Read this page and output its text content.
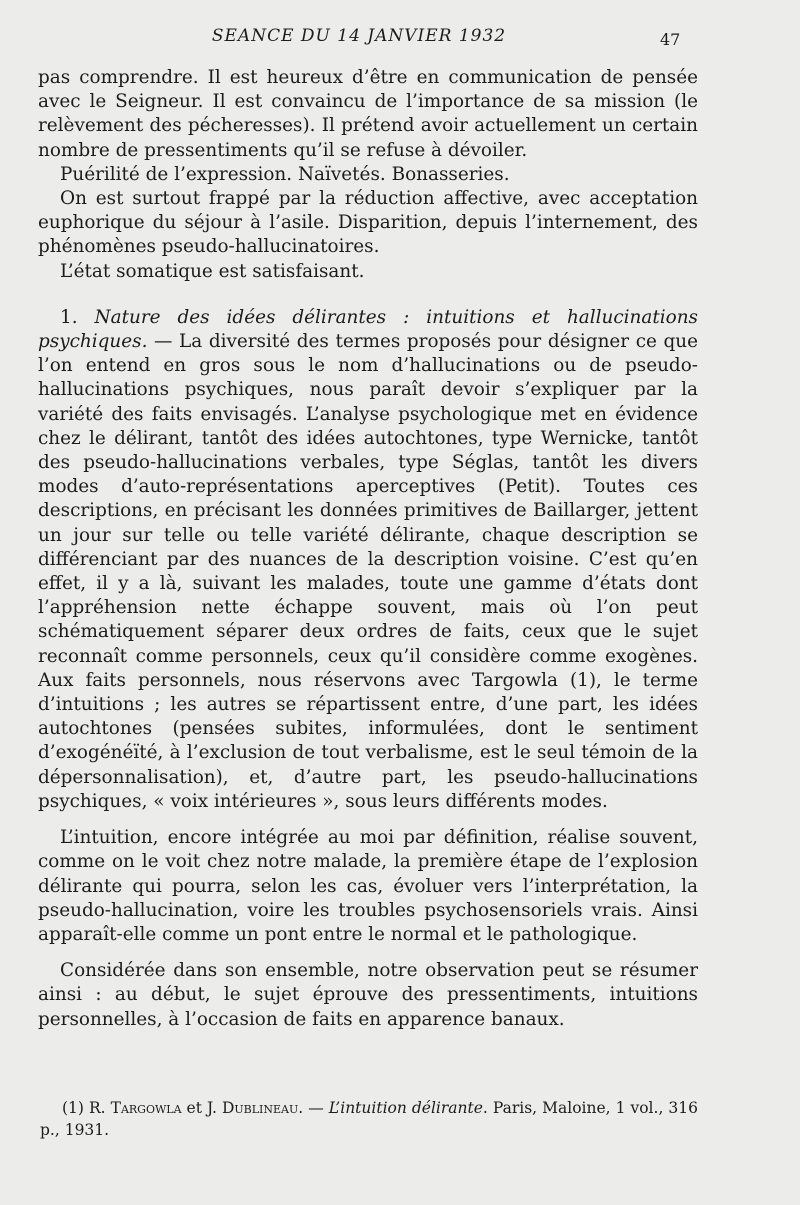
SEANCE DU 14 JANVIER 1932	47

pas comprendre. Il est heureux d’être en communication de pensée avec le Seigneur. Il est convaincu de l’importance de sa mission (le relèvement des pécheresses). Il prétend avoir actuellement un certain nombre de pressentiments qu’il se refuse à dévoiler.

Puérilité de l’expression. Naïvetés. Bonasseries.

On est surtout frappé par la réduction affective, avec acceptation euphorique du séjour à l’asile. Disparition, depuis l’internement, des phénomènes pseudo-hallucinatoires.

L’état somatique est satisfaisant.

1. Nature des idées délirantes : intuitions et hallucinations psychiques. — La diversité des termes proposés pour désigner ce que l’on entend en gros sous le nom d’hallucinations ou de pseudo-hallucinations psychiques, nous paraît devoir s’expliquer par la variété des faits envisagés. L’analyse psychologique met en évidence chez le délirant, tantôt des idées autochtones, type Wernicke, tantôt des pseudo-hallucinations verbales, type Séglas, tantôt les divers modes d’auto-représentations aperceptives (Petit). Toutes ces descriptions, en précisant les données primitives de Baillarger, jettent un jour sur telle ou telle variété délirante, chaque description se différenciant par des nuances de la description voisine. C’est qu’en effet, il y a là, suivant les malades, toute une gamme d’états dont l’appréhension nette échappe souvent, mais où l’on peut schématiquement séparer deux ordres de faits, ceux que le sujet reconnaît comme personnels, ceux qu’il considère comme exogènes. Aux faits personnels, nous réservons avec Targowla (1), le terme d’intuitions ; les autres se répartissent entre, d’une part, les idées autochtones (pensées subites, informulées, dont le sentiment d’exogénéïté, à l’exclusion de tout verbalisme, est le seul témoin de la dépersonnalisation), et, d’autre part, les pseudo-hallucinations psychiques, « voix intérieures », sous leurs différents modes.

L’intuition, encore intégrée au moi par définition, réalise souvent, comme on le voit chez notre malade, la première étape de l’explosion délirante qui pourra, selon les cas, évoluer vers l’interprétation, la pseudo-hallucination, voire les troubles psychosensoriels vrais. Ainsi apparaît-elle comme un pont entre le normal et le pathologique.

Considérée dans son ensemble, notre observation peut se résumer ainsi : au début, le sujet éprouve des pressentiments, intuitions personnelles, à l’occasion de faits en apparence banaux.

(1) R. Targowla et J. Dublineau. — L’intuition délirante. Paris, Maloine, 1 vol., 316 p., 1931.
